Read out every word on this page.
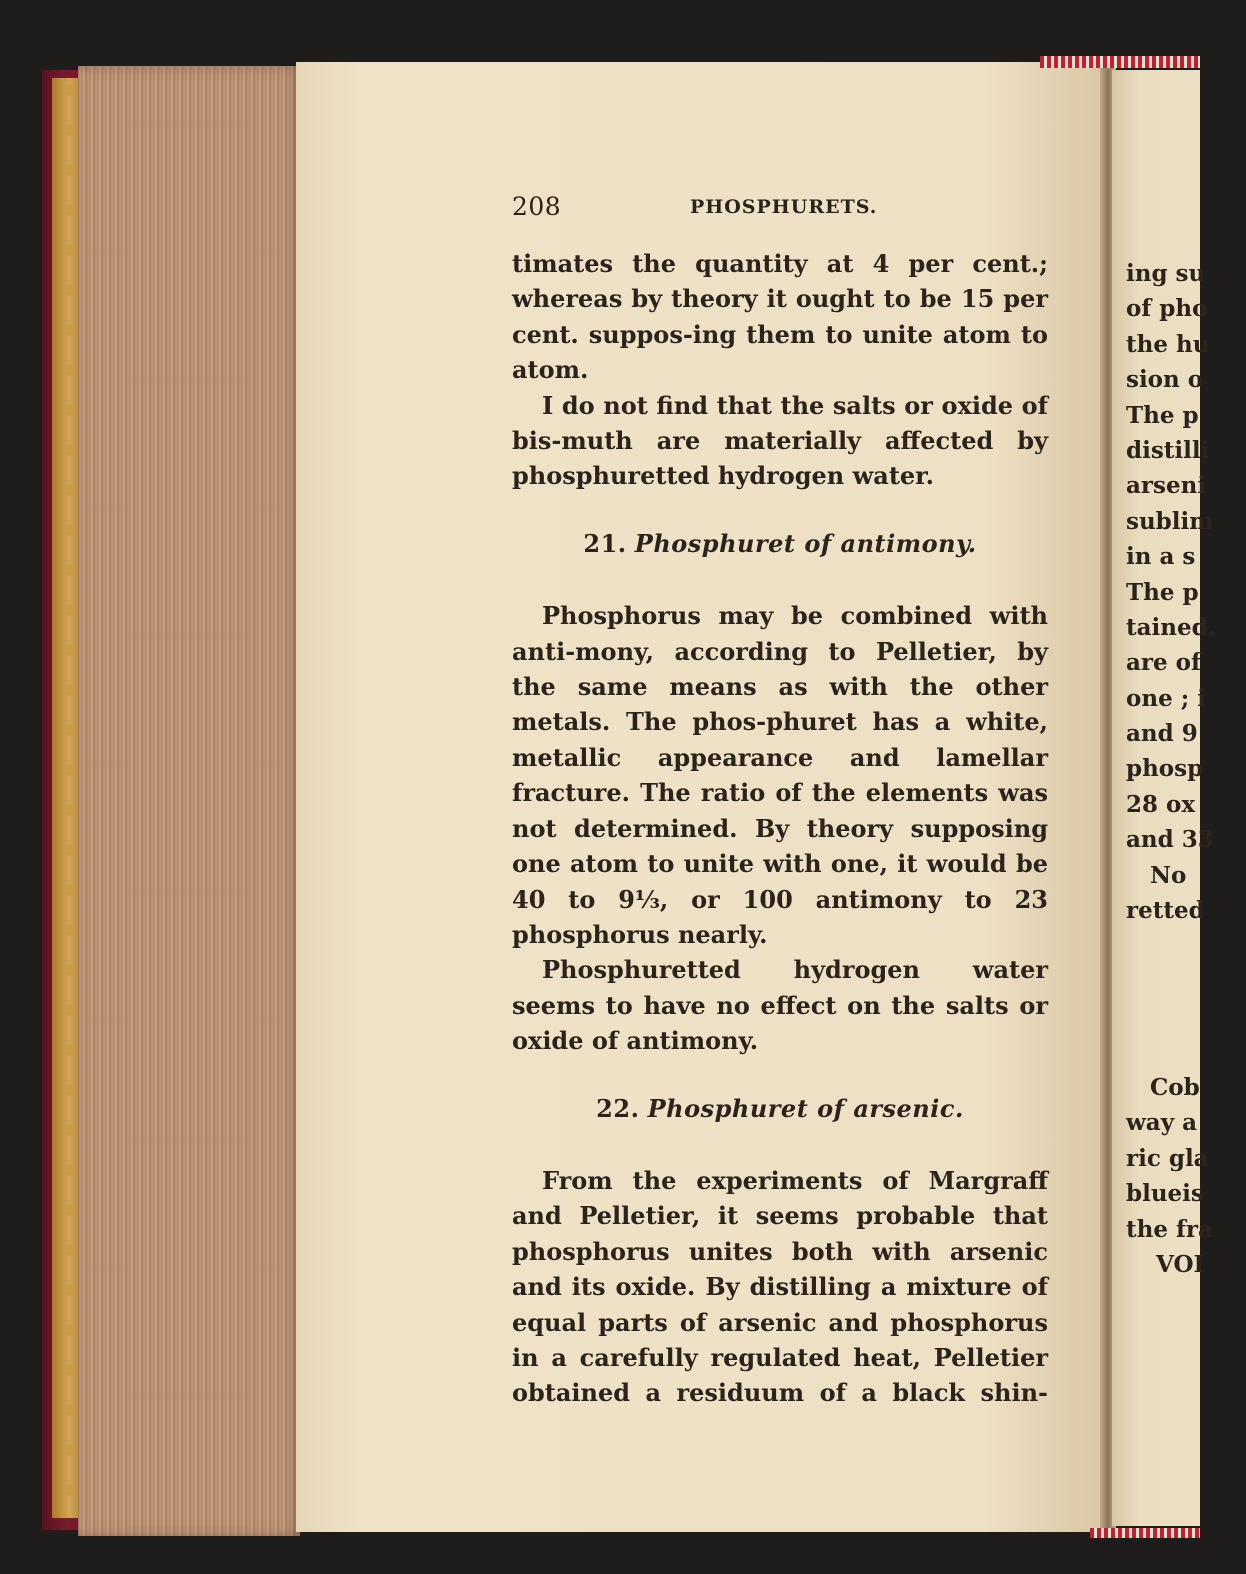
ing su
of pho
the hu
sion o
The p
distilli
arseni
sublim
in a s
The p
tained.
are of
one ; i
and 9
phosp
28 ox
and 33
No
retted
Cob
way a
ric gla
blueis
the fra
VOI
208	PHOSPHURETS.

timates the quantity at 4 per cent.; whereas by theory it ought to be 15 per cent. suppos-ing them to unite atom to atom.

I do not find that the salts or oxide of bis-muth are materially affected by phosphuretted hydrogen water.

21. Phosphuret of antimony.

Phosphorus may be combined with anti-mony, according to Pelletier, by the same means as with the other metals. The phos-phuret has a white, metallic appearance and lamellar fracture. The ratio of the elements was not determined. By theory supposing one atom to unite with one, it would be 40 to 9⅓, or 100 antimony to 23 phosphorus nearly.

Phosphuretted hydrogen water seems to have no effect on the salts or oxide of antimony.

22. Phosphuret of arsenic.

From the experiments of Margraff and Pelletier, it seems probable that phosphorus unites both with arsenic and its oxide. By distilling a mixture of equal parts of arsenic and phosphorus in a carefully regulated heat, Pelletier obtained a residuum of a black shin-
